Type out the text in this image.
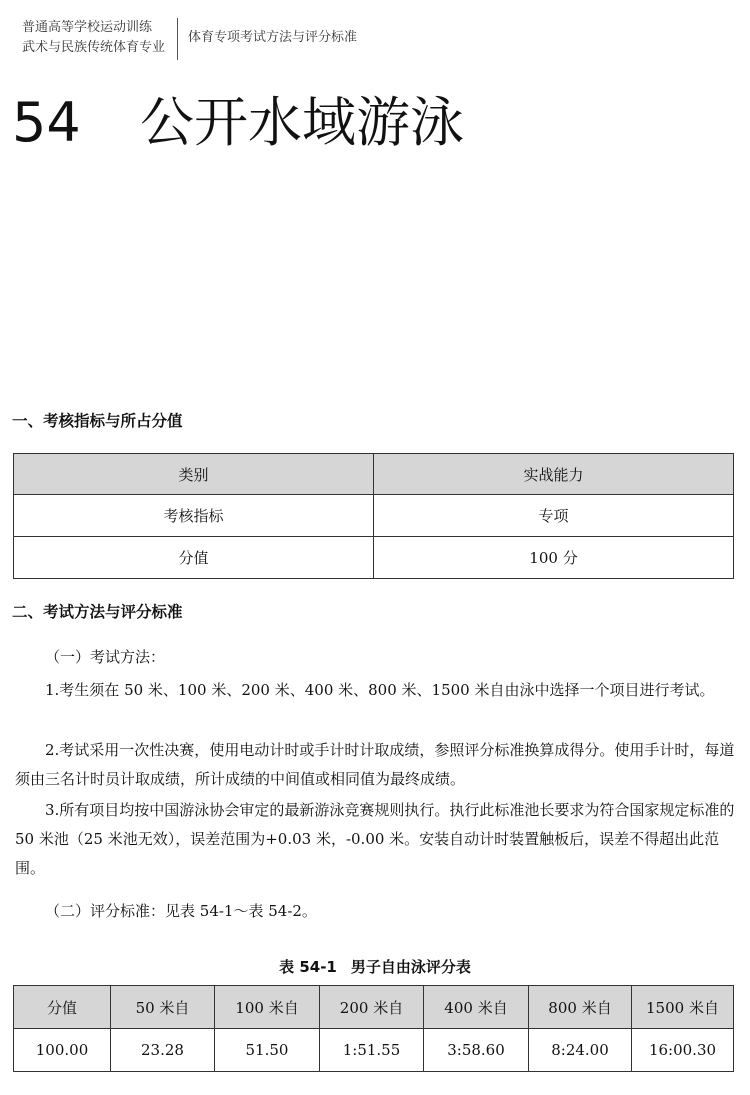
普通高等学校运动训练
武术与民族传统体育专业
体育专项考试方法与评分标准
54 公开水域游泳
一、考核指标与所占分值
类别	实战能力
考核指标	专项
分值	100 分
二、考试方法与评分标准
（一）考试方法：
1.考生须在 50 米、100 米、200 米、400 米、800 米、1500 米自由泳中选择一个项目进行考试。
2.考试采用一次性决赛，使用电动计时或手计时计取成绩，参照评分标准换算成得分。使用手计时，每道须由三名计时员计取成绩，所计成绩的中间值或相同值为最终成绩。
3.所有项目均按中国游泳协会审定的最新游泳竞赛规则执行。执行此标准池长要求为符合国家规定标准的 50 米池（25 米池无效），误差范围为+0.03 米，-0.00 米。安装自动计时装置触板后，误差不得超出此范围。
（二）评分标准：见表 54-1～表 54-2。
表 54-1 男子自由泳评分表
分值	50 米自	100 米自	200 米自	400 米自	800 米自	1500 米自
100.00	23.28	51.50	1:51.55	3:58.60	8:24.00	16:00.30
